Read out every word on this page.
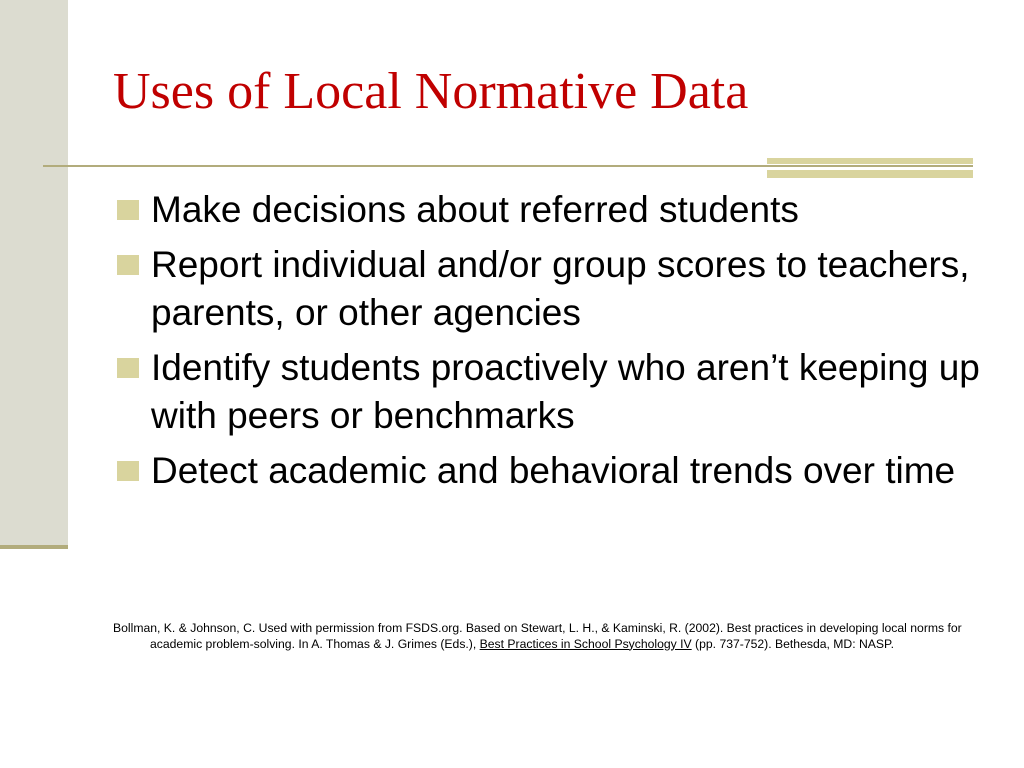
Uses of Local Normative Data
Make decisions about referred students
Report individual and/or group scores to teachers, parents, or other agencies
Identify students proactively who aren’t keeping up with peers or benchmarks
Detect academic and behavioral trends over time

Bollman, K. & Johnson, C. Used with permission from FSDS.org. Based on Stewart, L. H., & Kaminski, R. (2002). Best practices in developing local norms for academic problem-solving. In A. Thomas & J. Grimes (Eds.), Best Practices in School Psychology IV (pp. 737-752). Bethesda, MD: NASP.
